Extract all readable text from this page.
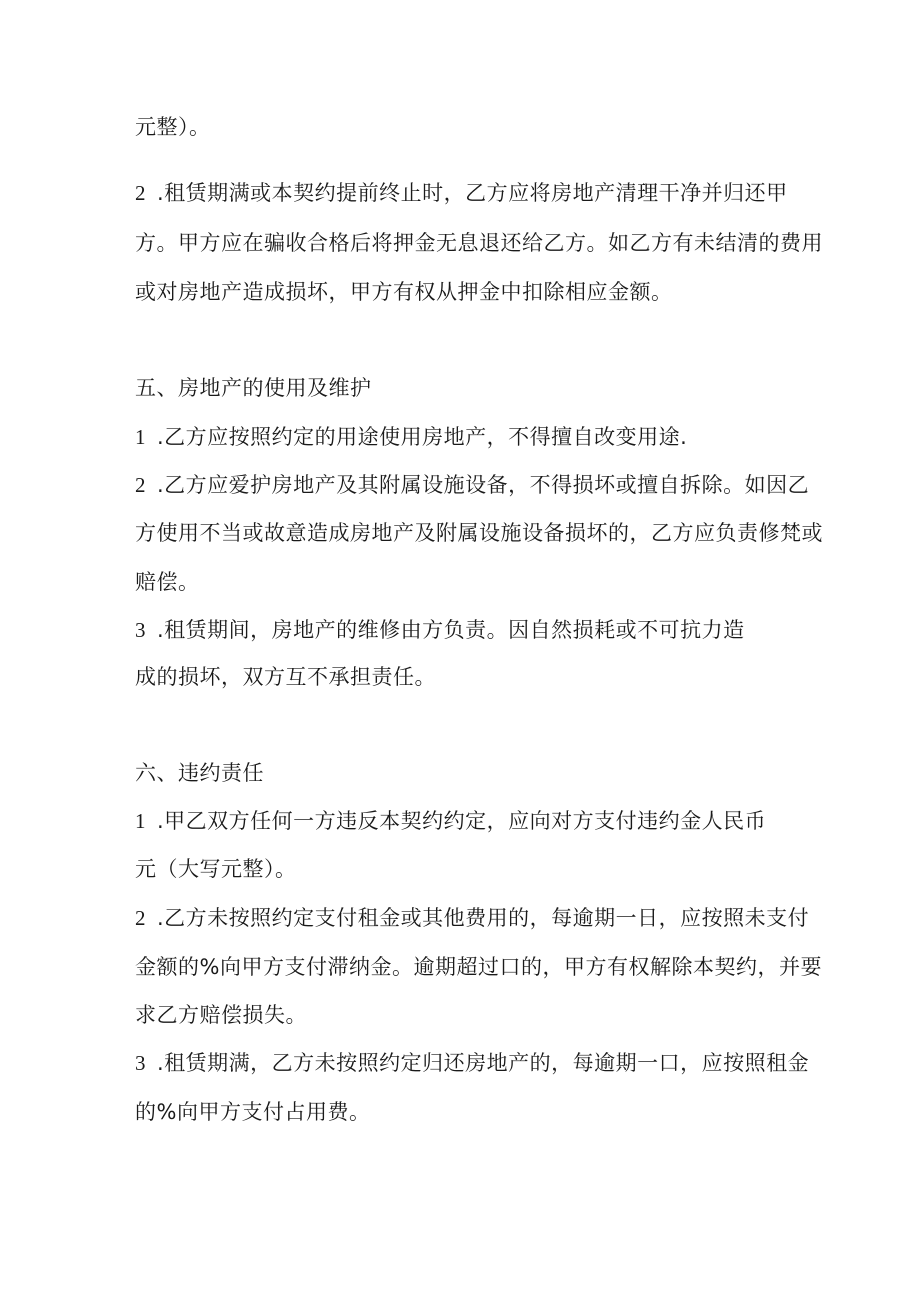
元整）。
2 .租赁期满或本契约提前终止时，乙方应将房地产清理干净并归还甲
方。甲方应在骗收合格后将押金无息退还给乙方。如乙方有未结清的费用
或对房地产造成损坏，甲方有权从押金中扣除相应金额。
五、房地产的使用及维护
1 .乙方应按照约定的用途使用房地产，不得擅自改变用途.
2 .乙方应爱护房地产及其附属设施设备，不得损坏或擅自拆除。如因乙
方使用不当或故意造成房地产及附属设施设备损坏的，乙方应负责修梵或
赔偿。
3 .租赁期间，房地产的维修由方负责。因自然损耗或不可抗力造
成的损坏，双方互不承担责任。
六、违约责任
1 .甲乙双方任何一方违反本契约约定，应向对方支付违约金人民币
元（大写元整）。
2 .乙方未按照约定支付租金或其他费用的，每逾期一日，应按照未支付
金额的%向甲方支付滞纳金。逾期超过口的，甲方有权解除本契约，并要
求乙方赔偿损失。
3 .租赁期满，乙方未按照约定归还房地产的，每逾期一口，应按照租金
的%向甲方支付占用费。
